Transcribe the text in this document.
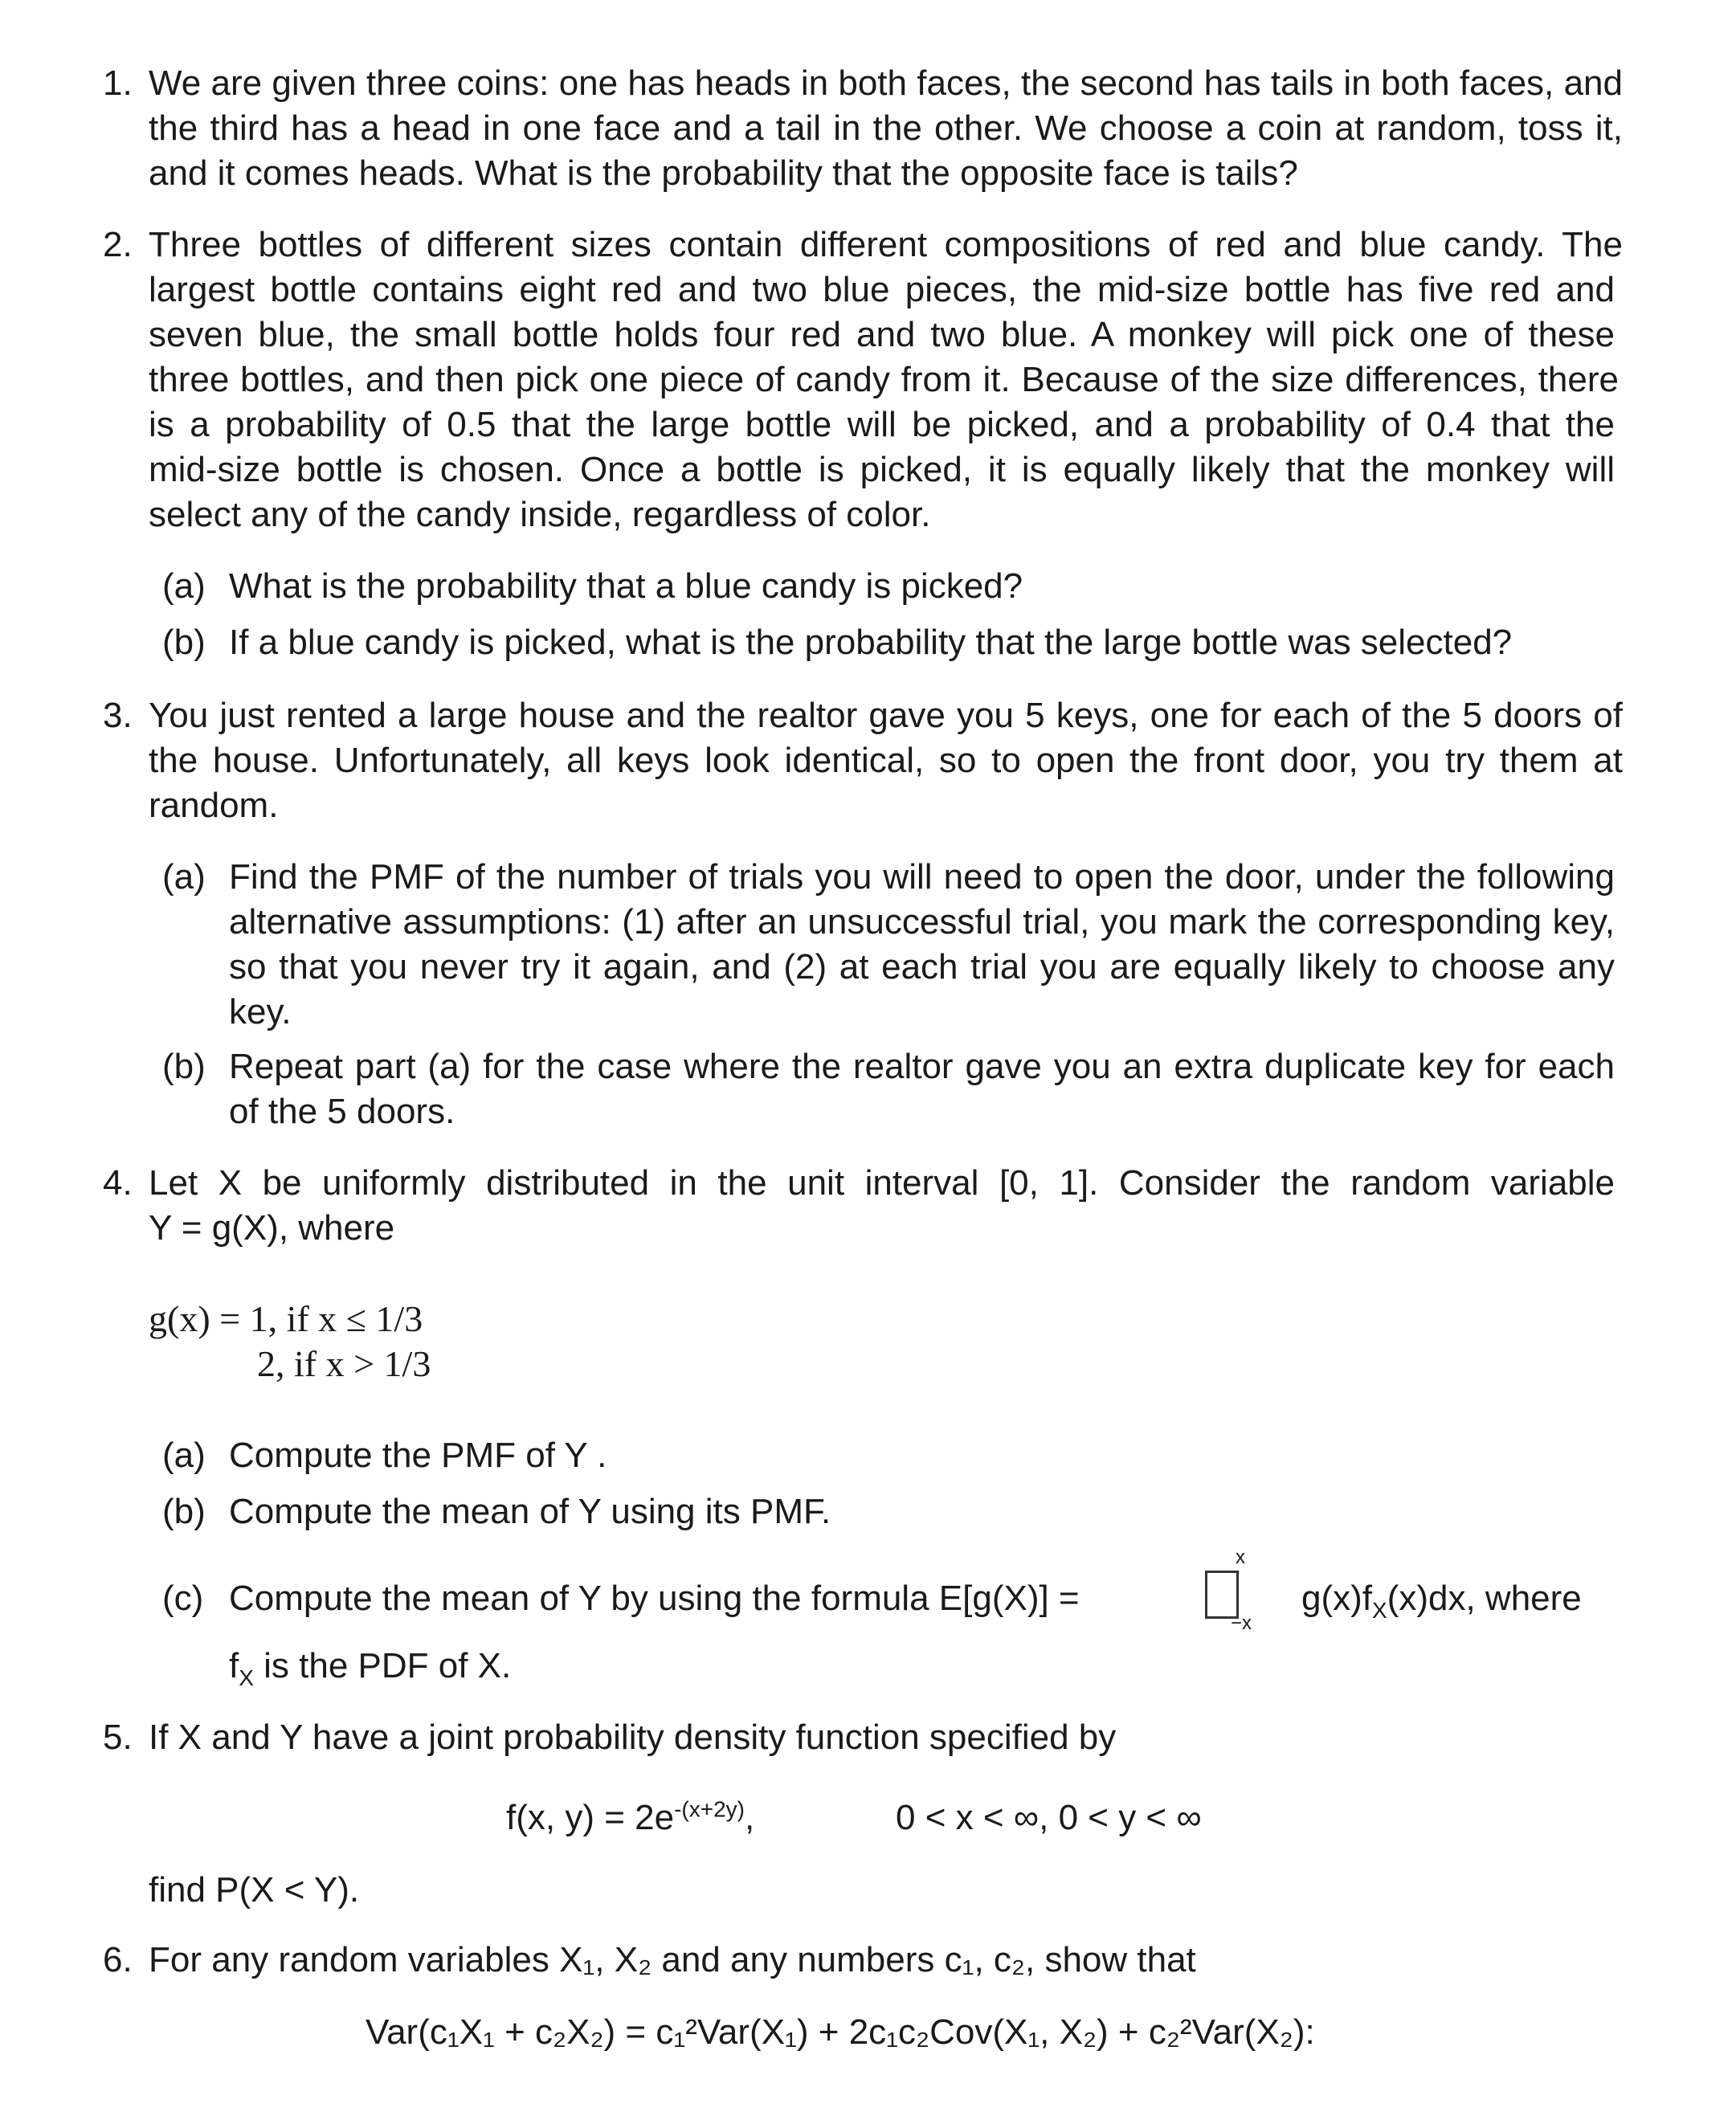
1. We are given three coins: one has heads in both faces, the second has tails in both faces, and
the third has a head in one face and a tail in the other. We choose a coin at random, toss it,
and it comes heads. What is the probability that the opposite face is tails?
2. Three bottles of different sizes contain different compositions of red and blue candy. The
largest bottle contains eight red and two blue pieces, the mid-size bottle has five red and
seven blue, the small bottle holds four red and two blue. A monkey will pick one of these
three bottles, and then pick one piece of candy from it. Because of the size differences, there
is a probability of 0.5 that the large bottle will be picked, and a probability of 0.4 that the
mid-size bottle is chosen. Once a bottle is picked, it is equally likely that the monkey will
select any of the candy inside, regardless of color.
(a) What is the probability that a blue candy is picked?
(b) If a blue candy is picked, what is the probability that the large bottle was selected?
3. You just rented a large house and the realtor gave you 5 keys, one for each of the 5 doors of
the house. Unfortunately, all keys look identical, so to open the front door, you try them at
random.
(a) Find the PMF of the number of trials you will need to open the door, under the following
alternative assumptions: (1) after an unsuccessful trial, you mark the corresponding key,
so that you never try it again, and (2) at each trial you are equally likely to choose any
key.
(b) Repeat part (a) for the case where the realtor gave you an extra duplicate key for each
of the 5 doors.
4. Let X be uniformly distributed in the unit interval [0, 1]. Consider the random variable
Y = g(X), where
g(x) = 1, if x ≤ 1/3
2, if x > 1/3
(a) Compute the PMF of Y .
(b) Compute the mean of Y using its PMF.
(c) Compute the mean of Y by using the formula E[g(X)] =
x
−x
$g(x)f_X(x)dx$, where
$f_X$ is the PDF of X.
5. If X and Y have a joint probability density function specified by
f(x, $y) = 2e^{-(x+2y)}$,	0 < x < ∞, 0 < y < ∞
find P(X < Y).
6. For any random variables X₁, X₂ and any numbers c₁, c₂, show that
Var(c₁X₁ + c₂X₂) = c₁²Var(X₁) + 2c₁c₂Cov(X₁, X₂) + c₂²Var(X₂):
